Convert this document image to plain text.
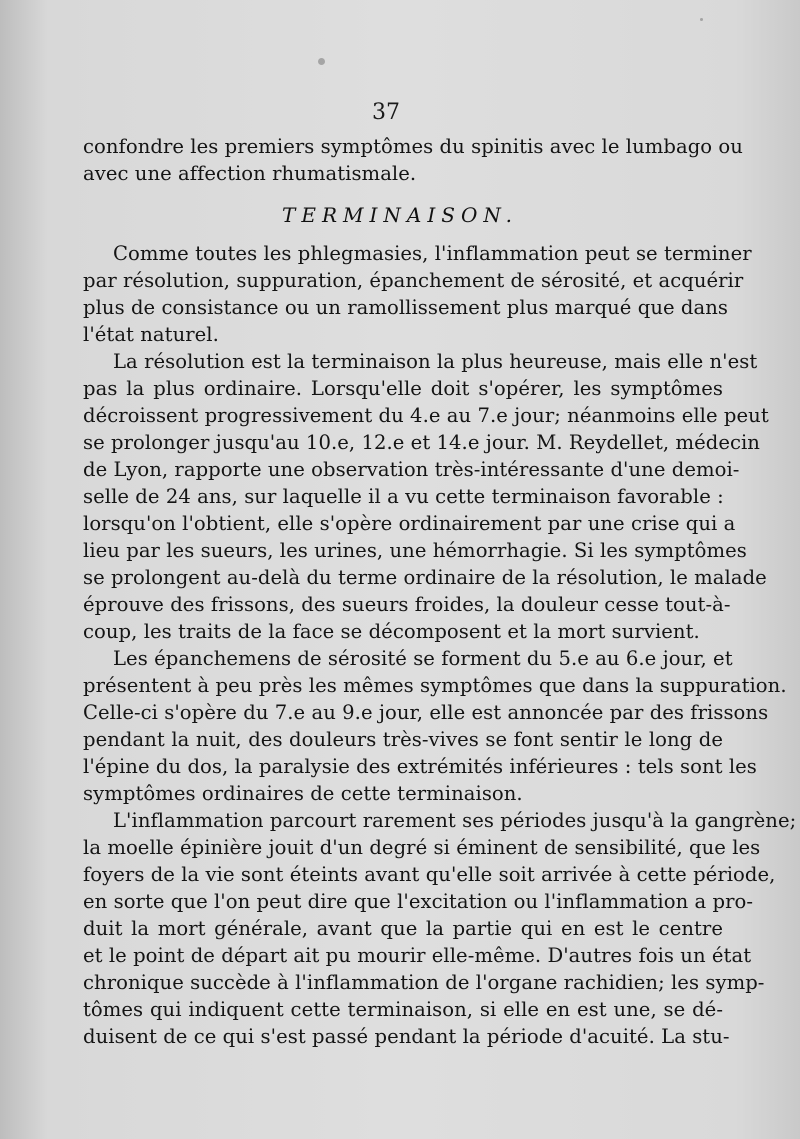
37
confondre les premiers symptômes du spinitis avec le lumbago ou
avec une affection rhumatismale.
TERMINAISON.
Comme toutes les phlegmasies, l'inflammation peut se terminer
par résolution, suppuration, épanchement de sérosité, et acquérir
plus de consistance ou un ramollissement plus marqué que dans
l'état naturel.
La résolution est la terminaison la plus heureuse, mais elle n'est
pas la plus ordinaire. Lorsqu'elle doit s'opérer, les symptômes
décroissent progressivement du 4.e au 7.e jour; néanmoins elle peut
se prolonger jusqu'au 10.e, 12.e et 14.e jour. M. Reydellet, médecin
de Lyon, rapporte une observation très-intéressante d'une demoi-
selle de 24 ans, sur laquelle il a vu cette terminaison favorable :
lorsqu'on l'obtient, elle s'opère ordinairement par une crise qui a
lieu par les sueurs, les urines, une hémorrhagie. Si les symptômes
se prolongent au-delà du terme ordinaire de la résolution, le malade
éprouve des frissons, des sueurs froides, la douleur cesse tout-à-
coup, les traits de la face se décomposent et la mort survient.
Les épanchemens de sérosité se forment du 5.e au 6.e jour, et
présentent à peu près les mêmes symptômes que dans la suppuration.
Celle-ci s'opère du 7.e au 9.e jour, elle est annoncée par des frissons
pendant la nuit, des douleurs très-vives se font sentir le long de
l'épine du dos, la paralysie des extrémités inférieures : tels sont les
symptômes ordinaires de cette terminaison.
L'inflammation parcourt rarement ses périodes jusqu'à la gangrène;
la moelle épinière jouit d'un degré si éminent de sensibilité, que les
foyers de la vie sont éteints avant qu'elle soit arrivée à cette période,
en sorte que l'on peut dire que l'excitation ou l'inflammation a pro-
duit la mort générale, avant que la partie qui en est le centre
et le point de départ ait pu mourir elle-même. D'autres fois un état
chronique succède à l'inflammation de l'organe rachidien; les symp-
tômes qui indiquent cette terminaison, si elle en est une, se dé-
duisent de ce qui s'est passé pendant la période d'acuité. La stu-
